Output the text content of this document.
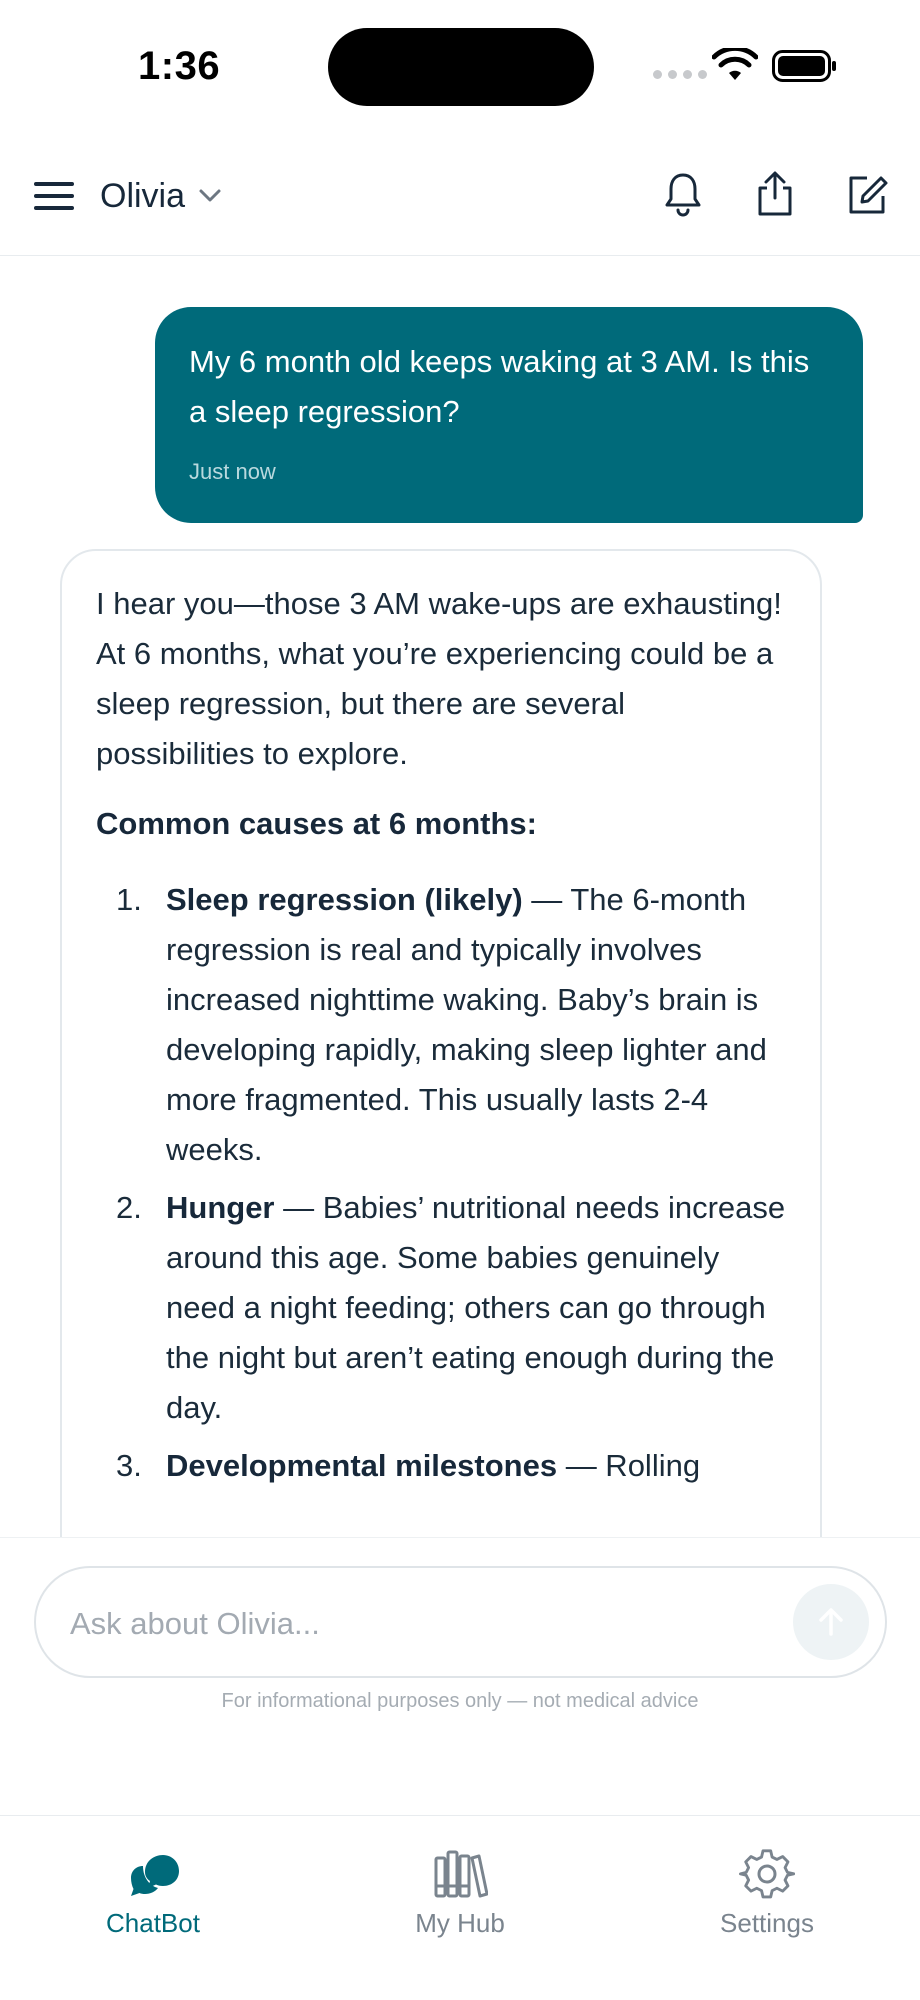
1:36
Olivia
My 6 month old keeps waking at 3 AM. Is this a sleep regression?
Just now

I hear you—those 3 AM wake-ups are exhausting! At 6 months, what you’re experiencing could be a sleep regression, but there are several possibilities to explore.

Common causes at 6 months:

1. Sleep regression (likely) — The 6-month regression is real and typically involves increased nighttime waking. Baby’s brain is developing rapidly, making sleep lighter and more fragmented. This usually lasts 2-4 weeks.
2. Hunger — Babies’ nutritional needs increase around this age. Some babies genuinely need a night feeding; others can go through the night but aren’t eating enough during the day.
3. Developmental milestones — Rolling
Ask about Olivia...
For informational purposes only — not medical advice
ChatBot	My Hub	Settings
